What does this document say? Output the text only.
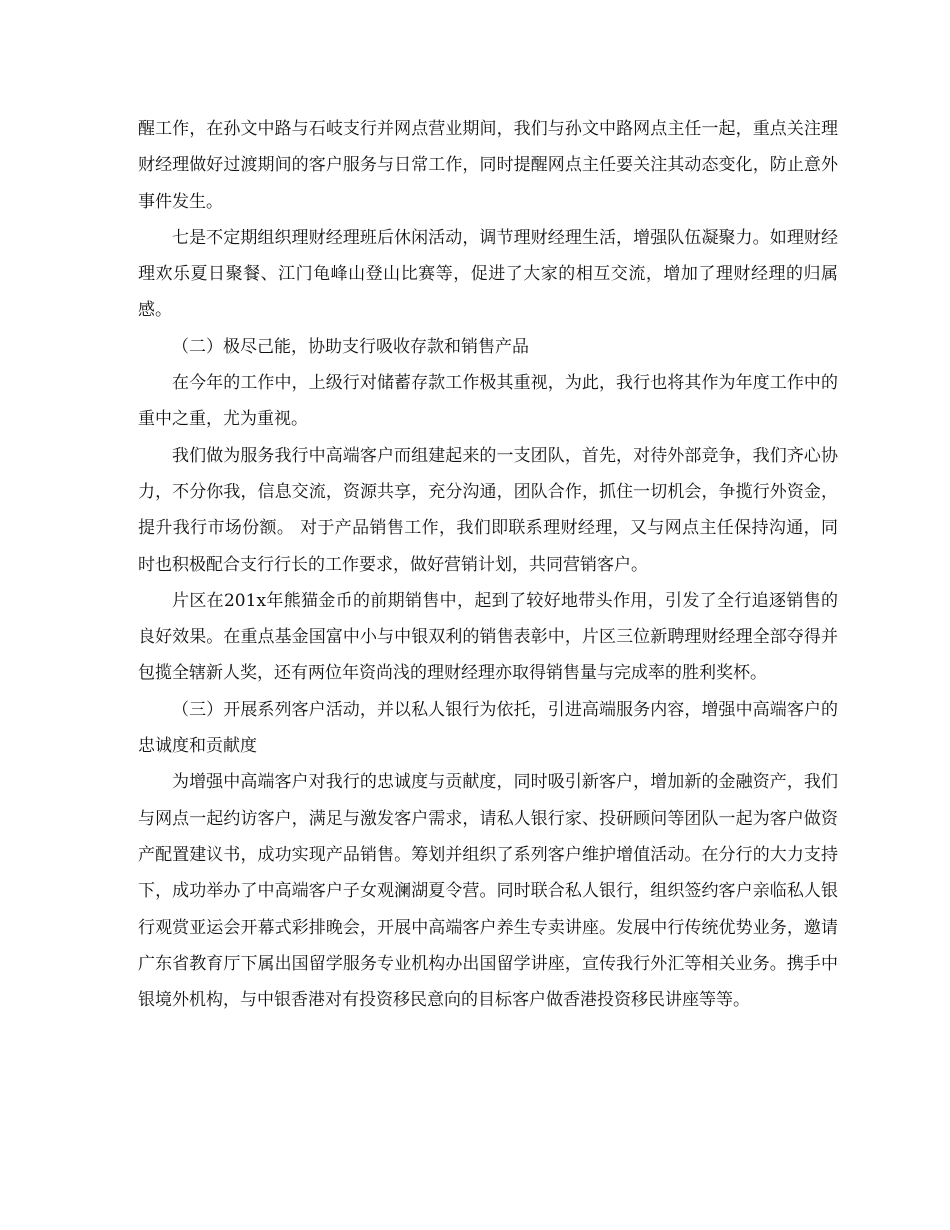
醒工作，在孙文中路与石岐支行并网点营业期间，我们与孙文中路网点主任一起，重点关注理财经理做好过渡期间的客户服务与日常工作，同时提醒网点主任要关注其动态变化，防止意外事件发生。

七是不定期组织理财经理班后休闲活动，调节理财经理生活，增强队伍凝聚力。如理财经理欢乐夏日聚餐、江门龟峰山登山比赛等，促进了大家的相互交流，增加了理财经理的归属感。

（二）极尽己能，协助支行吸收存款和销售产品

在今年的工作中，上级行对储蓄存款工作极其重视，为此，我行也将其作为年度工作中的重中之重，尤为重视。

我们做为服务我行中高端客户而组建起来的一支团队，首先，对待外部竞争，我们齐心协力，不分你我，信息交流，资源共享，充分沟通，团队合作，抓住一切机会，争揽行外资金，提升我行市场份额。 对于产品销售工作，我们即联系理财经理，又与网点主任保持沟通，同时也积极配合支行行长的工作要求，做好营销计划，共同营销客户。

片区在201x年熊猫金币的前期销售中，起到了较好地带头作用，引发了全行追逐销售的良好效果。在重点基金国富中小与中银双利的销售表彰中，片区三位新聘理财经理全部夺得并包揽全辖新人奖，还有两位年资尚浅的理财经理亦取得销售量与完成率的胜利奖杯。

（三）开展系列客户活动，并以私人银行为依托，引进高端服务内容，增强中高端客户的忠诚度和贡献度

为增强中高端客户对我行的忠诚度与贡献度，同时吸引新客户，增加新的金融资产，我们与网点一起约访客户，满足与激发客户需求，请私人银行家、投研顾问等团队一起为客户做资产配置建议书，成功实现产品销售。筹划并组织了系列客户维护增值活动。在分行的大力支持下，成功举办了中高端客户子女观澜湖夏令营。同时联合私人银行，组织签约客户亲临私人银行观赏亚运会开幕式彩排晚会，开展中高端客户养生专卖讲座。发展中行传统优势业务，邀请广东省教育厅下属出国留学服务专业机构办出国留学讲座，宣传我行外汇等相关业务。携手中银境外机构，与中银香港对有投资移民意向的目标客户做香港投资移民讲座等等。
